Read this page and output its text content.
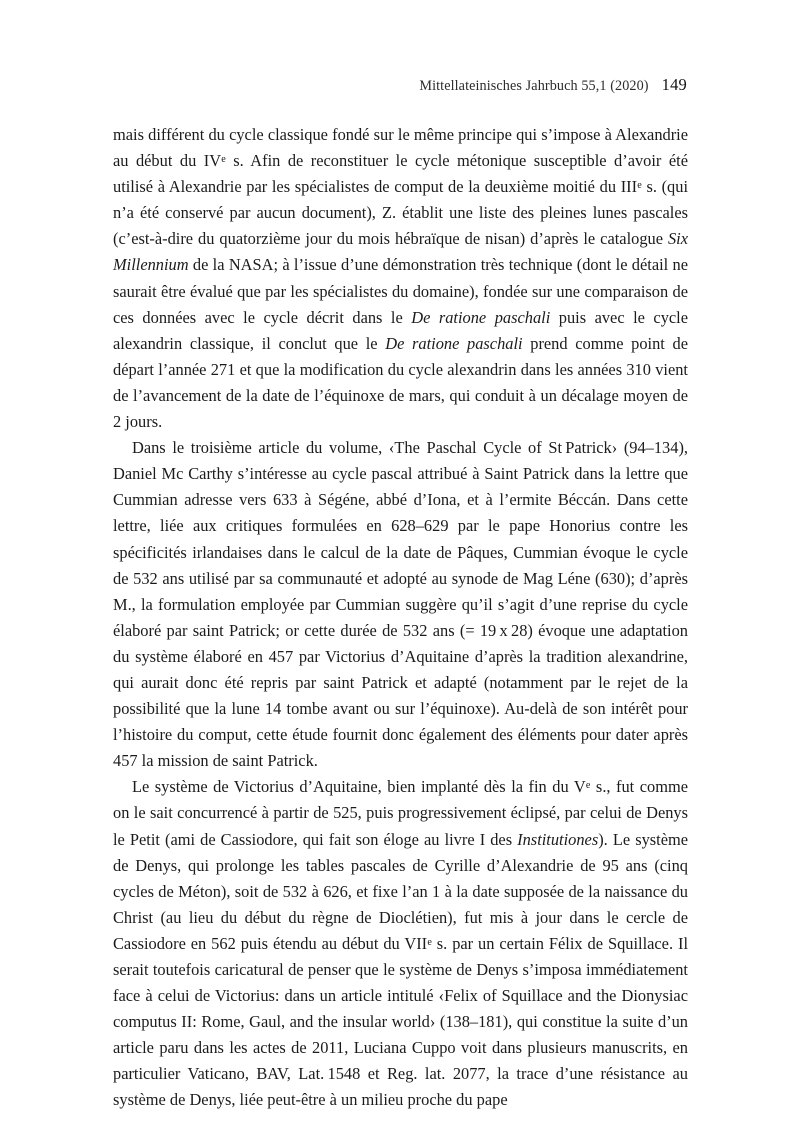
Mittellateinisches Jahrbuch 55,1 (2020) 149

mais différent du cycle classique fondé sur le même principe qui s’impose à Alexandrie au début du IVe s. Afin de reconstituer le cycle métonique susceptible d’avoir été utilisé à Alexandrie par les spécialistes de comput de la deuxième moitié du IIIe s. (qui n’a été conservé par aucun document), Z. établit une liste des pleines lunes pascales (c’est-à-dire du quatorzième jour du mois hébraïque de nisan) d’après le catalogue Six Millennium de la NASA; à l’issue d’une démonstration très technique (dont le détail ne saurait être évalué que par les spécialistes du domaine), fondée sur une comparaison de ces données avec le cycle décrit dans le De ratione paschali puis avec le cycle alexandrin classique, il conclut que le De ratione paschali prend comme point de départ l’année 271 et que la modification du cycle alexandrin dans les années 310 vient de l’avancement de la date de l’équinoxe de mars, qui conduit à un décalage moyen de 2 jours.

Dans le troisième article du volume, ‹The Paschal Cycle of St Patrick› (94–134), Daniel Mc Carthy s’intéresse au cycle pascal attribué à Saint Patrick dans la lettre que Cummian adresse vers 633 à Ségéne, abbé d’Iona, et à l’ermite Béccán. Dans cette lettre, liée aux critiques formulées en 628–629 par le pape Honorius contre les spécificités irlandaises dans le calcul de la date de Pâques, Cummian évoque le cycle de 532 ans utilisé par sa communauté et adopté au synode de Mag Léne (630); d’après M., la formulation employée par Cummian suggère qu’il s’agit d’une reprise du cycle élaboré par saint Patrick; or cette durée de 532 ans (= 19 x 28) évoque une adaptation du système élaboré en 457 par Victorius d’Aquitaine d’après la tradition alexandrine, qui aurait donc été repris par saint Patrick et adapté (notamment par le rejet de la possibilité que la lune 14 tombe avant ou sur l’équinoxe). Au-delà de son intérêt pour l’histoire du comput, cette étude fournit donc également des éléments pour dater après 457 la mission de saint Patrick.

Le système de Victorius d’Aquitaine, bien implanté dès la fin du Ve s., fut comme on le sait concurrencé à partir de 525, puis progressivement éclipsé, par celui de Denys le Petit (ami de Cassiodore, qui fait son éloge au livre I des Institutiones). Le système de Denys, qui prolonge les tables pascales de Cyrille d’Alexandrie de 95 ans (cinq cycles de Méton), soit de 532 à 626, et fixe l’an 1 à la date supposée de la naissance du Christ (au lieu du début du règne de Dioclétien), fut mis à jour dans le cercle de Cassiodore en 562 puis étendu au début du VIIe s. par un certain Félix de Squillace. Il serait toutefois caricatural de penser que le système de Denys s’imposa immédiatement face à celui de Victorius: dans un article intitulé ‹Felix of Squillace and the Dionysiac computus II: Rome, Gaul, and the insular world› (138–181), qui constitue la suite d’un article paru dans les actes de 2011, Luciana Cuppo voit dans plusieurs manuscrits, en particulier Vaticano, BAV, Lat. 1548 et Reg. lat. 2077, la trace d’une résistance au système de Denys, liée peut-être à un milieu proche du pape
